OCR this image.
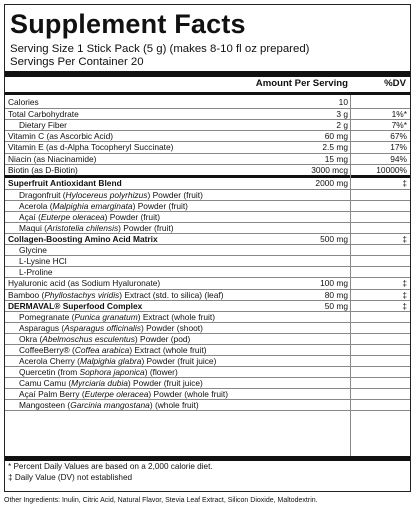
Supplement Facts
Serving Size 1 Stick Pack (5 g) (makes 8-10 fl oz prepared)
Servings Per Container 20
Amount Per Serving	%DV
Calories	10
Total Carbohydrate	3 g	1%*
Dietary Fiber	2 g	7%*
Vitamin C (as Ascorbic Acid)	60 mg	67%
Vitamin E (as d-Alpha Tocopheryl Succinate)	2.5 mg	17%
Niacin (as Niacinamide)	15 mg	94%
Biotin (as D-Biotin)	3000 mcg	10000%
Superfruit Antioxidant Blend	2000 mg	‡
Dragonfruit (Hylocereus polyrhizus) Powder (fruit)
Acerola (Malpighia emarginata) Powder (fruit)
Açaí (Euterpe oleracea) Powder (fruit)
Maqui (Aristotelia chilensis) Powder (fruit)
Collagen-Boosting Amino Acid Matrix	500 mg	‡
Glycine
L-Lysine HCl
L-Proline
Hyaluronic acid (as Sodium Hyaluronate)	100 mg	‡
Bamboo (Phyllostachys viridis) Extract (std. to silica) (leaf)	80 mg	‡
DERMAVAL® Superfood Complex	50 mg	‡
Pomegranate (Punica granatum) Extract (whole fruit)
Asparagus (Asparagus officinalis) Powder (shoot)
Okra (Abelmoschus esculentus) Powder (pod)
CoffeeBerry® (Coffea arabica) Extract (whole fruit)
Acerola Cherry (Malpighia glabra) Powder (fruit juice)
Quercetin (from Sophora japonica) (flower)
Camu Camu (Myrciaria dubia) Powder (fruit juice)
Açaí Palm Berry (Euterpe oleracea) Powder (whole fruit)
Mangosteen (Garcinia mangostana) (whole fruit)
* Percent Daily Values are based on a 2,000 calorie diet.
‡ Daily Value (DV) not established
Other Ingredients: Inulin, Citric Acid, Natural Flavor, Stevia Leaf Extract, Silicon Dioxide, Maltodextrin.
